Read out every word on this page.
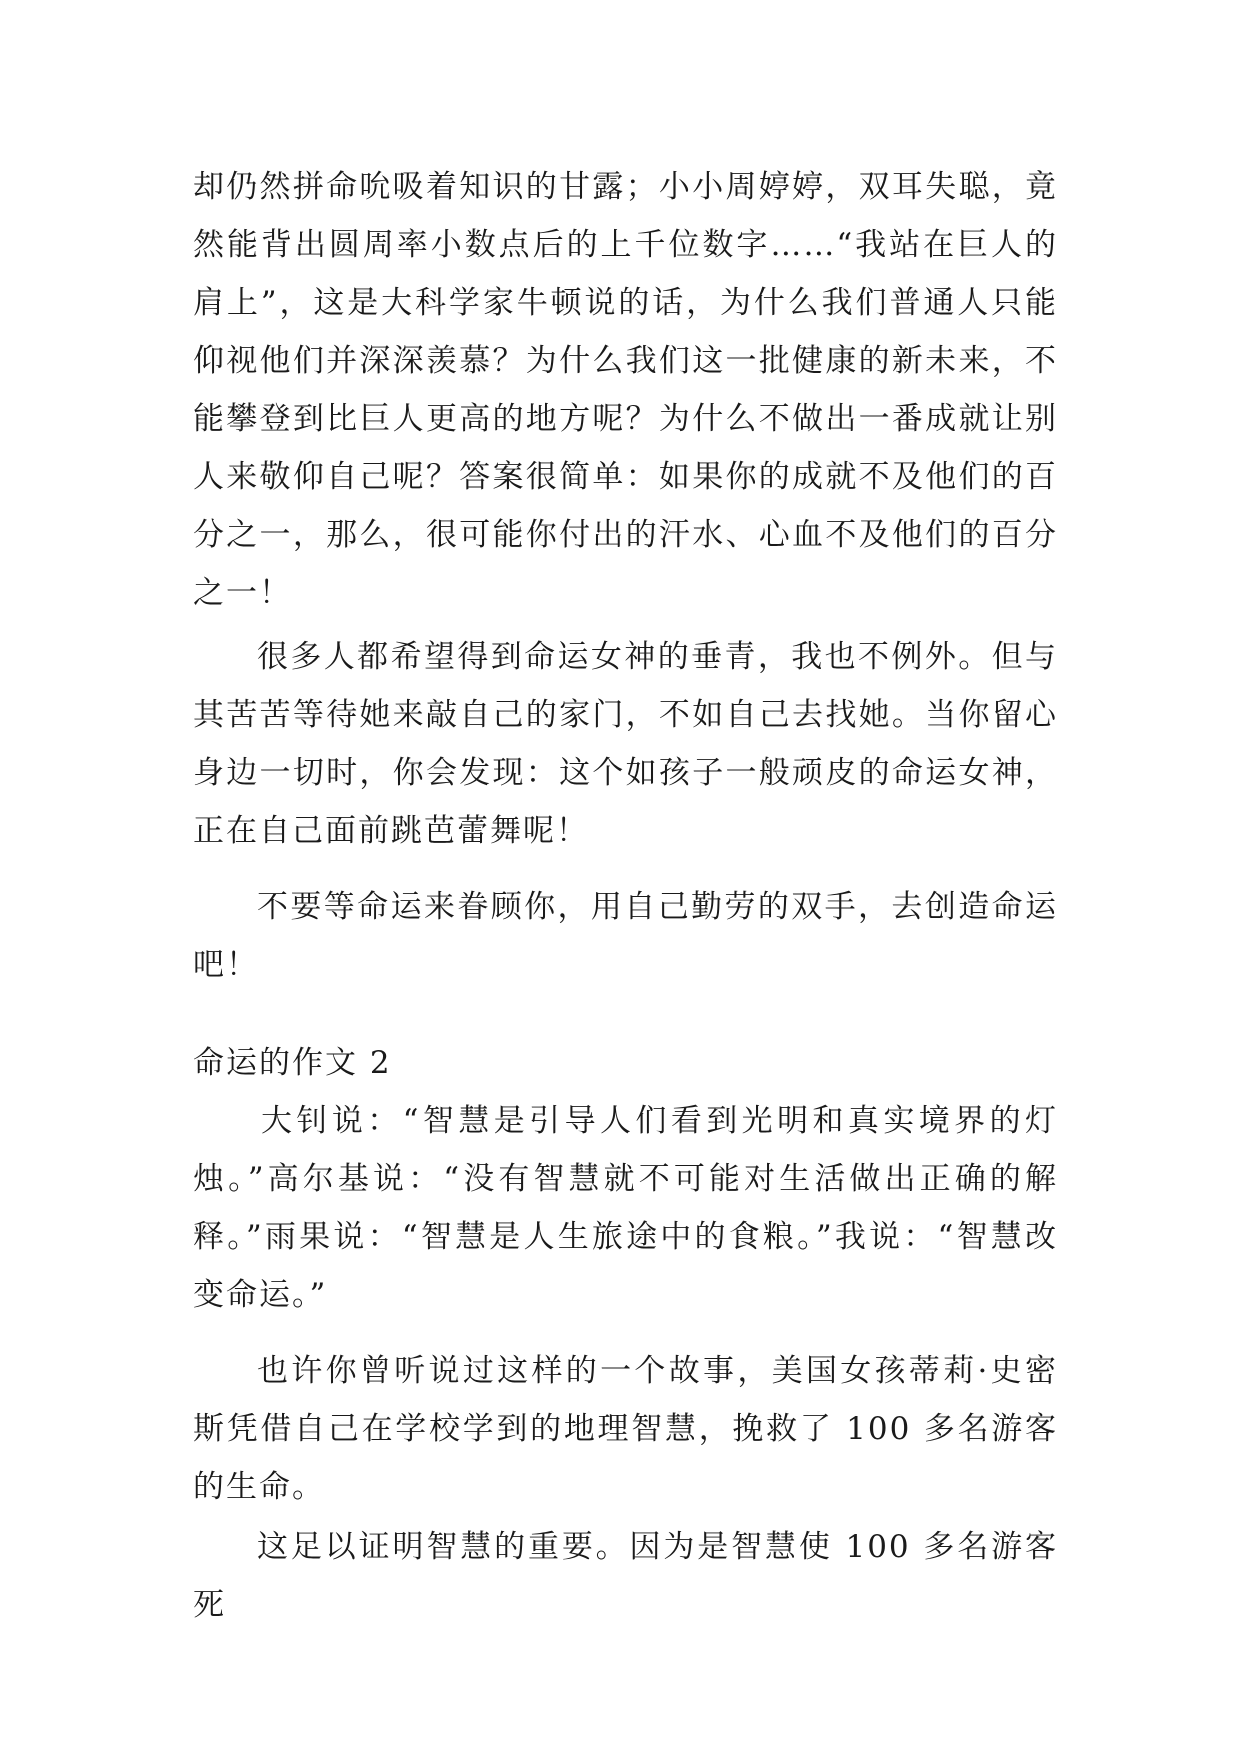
却仍然拼命吮吸着知识的甘露；小小周婷婷，双耳失聪，竟然能背出圆周率小数点后的上千位数字……“我站在巨人的肩上”，这是大科学家牛顿说的话，为什么我们普通人只能仰视他们并深深羡慕？为什么我们这一批健康的新未来，不能攀登到比巨人更高的地方呢？为什么不做出一番成就让别人来敬仰自己呢？答案很简单：如果你的成就不及他们的百分之一，那么，很可能你付出的汗水、心血不及他们的百分之一！

很多人都希望得到命运女神的垂青，我也不例外。但与其苦苦等待她来敲自己的家门，不如自己去找她。当你留心身边一切时，你会发现：这个如孩子一般顽皮的命运女神，正在自己面前跳芭蕾舞呢！

不要等命运来眷顾你，用自己勤劳的双手，去创造命运吧！

命运的作文 2

大钊说：“智慧是引导人们看到光明和真实境界的灯烛。”高尔基说：“没有智慧就不可能对生活做出正确的解释。”雨果说：“智慧是人生旅途中的食粮。”我说：“智慧改变命运。”

也许你曾听说过这样的一个故事，美国女孩蒂莉·史密斯凭借自己在学校学到的地理智慧，挽救了 100 多名游客的生命。

这足以证明智慧的重要。因为是智慧使 100 多名游客死
